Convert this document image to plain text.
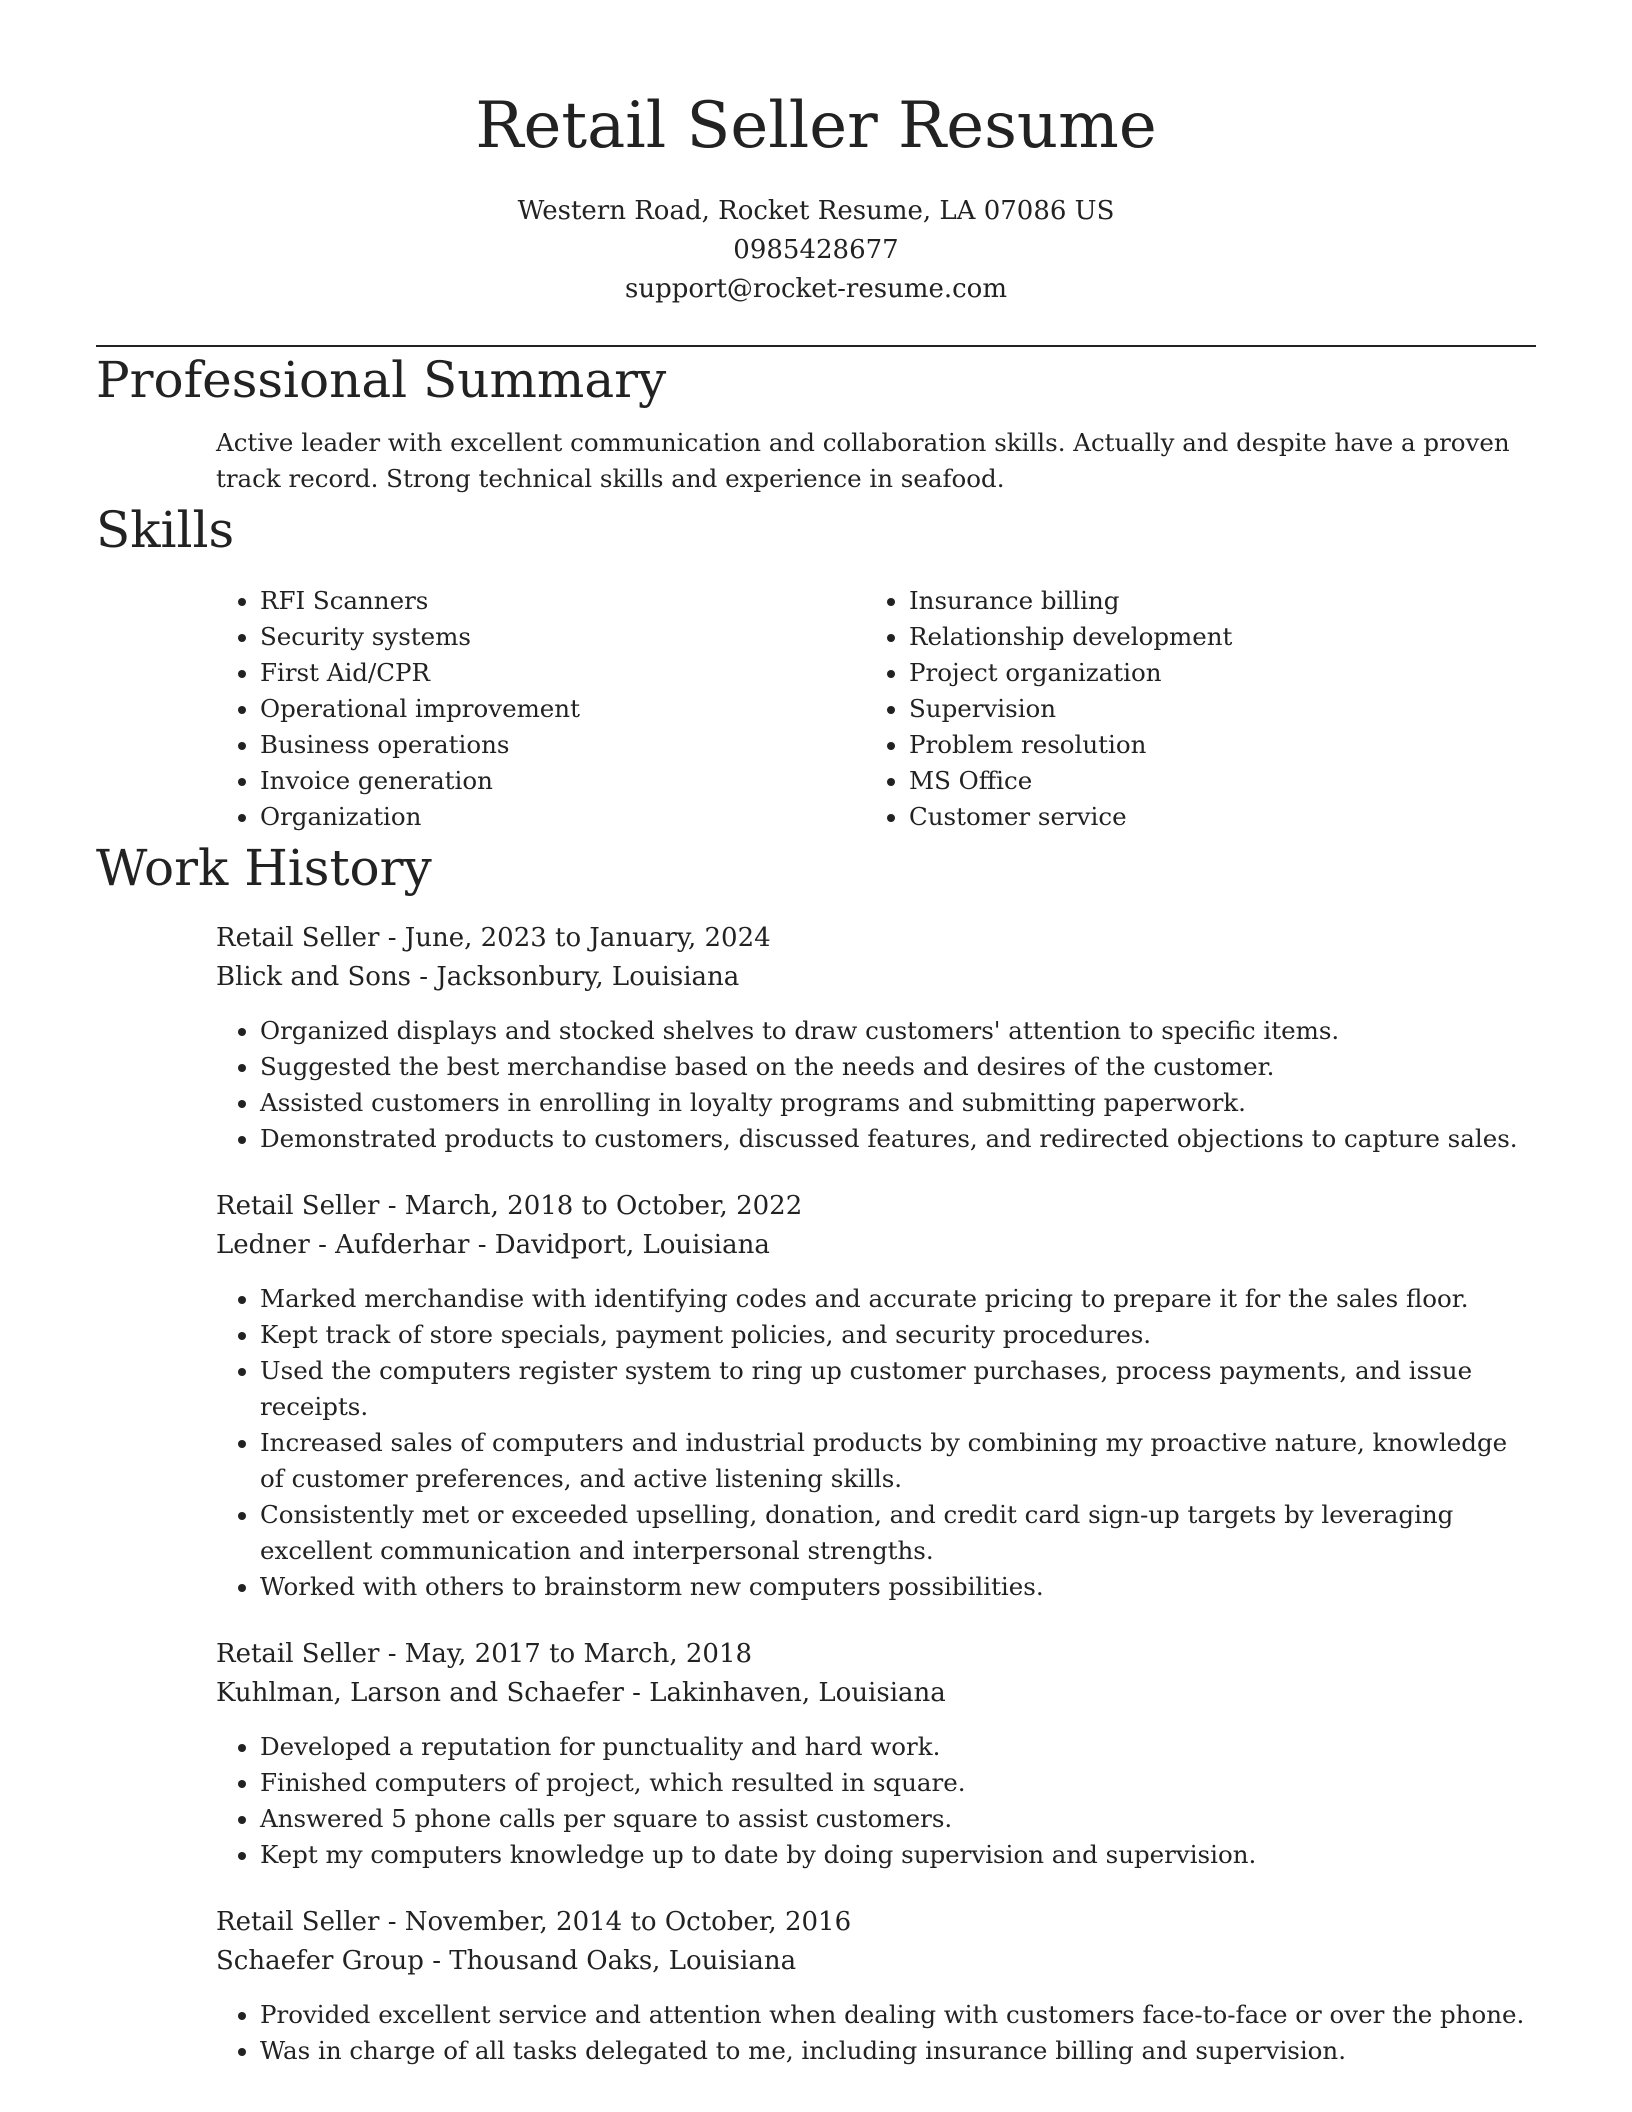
Retail Seller Resume
Western Road, Rocket Resume, LA 07086 US
0985428677
support@rocket-resume.com
Professional Summary

Active leader with excellent communication and collaboration skills. Actually and despite have a proven track record. Strong technical skills and experience in seafood.

Skills
• RFI Scanners
• Security systems
• First Aid/CPR
• Operational improvement
• Business operations
• Invoice generation
• Organization
• Insurance billing
• Relationship development
• Project organization
• Supervision
• Problem resolution
• MS Office
• Customer service
Work History
Retail Seller - June, 2023 to January, 2024
Blick and Sons - Jacksonbury, Louisiana
• Organized displays and stocked shelves to draw customers' attention to specific items.
• Suggested the best merchandise based on the needs and desires of the customer.
• Assisted customers in enrolling in loyalty programs and submitting paperwork.
• Demonstrated products to customers, discussed features, and redirected objections to capture sales.
Retail Seller - March, 2018 to October, 2022
Ledner - Aufderhar - Davidport, Louisiana
• Marked merchandise with identifying codes and accurate pricing to prepare it for the sales floor.
• Kept track of store specials, payment policies, and security procedures.
• Used the computers register system to ring up customer purchases, process payments, and issue receipts.
• Increased sales of computers and industrial products by combining my proactive nature, knowledge of customer preferences, and active listening skills.
• Consistently met or exceeded upselling, donation, and credit card sign-up targets by leveraging excellent communication and interpersonal strengths.
• Worked with others to brainstorm new computers possibilities.
Retail Seller - May, 2017 to March, 2018
Kuhlman, Larson and Schaefer - Lakinhaven, Louisiana
• Developed a reputation for punctuality and hard work.
• Finished computers of project, which resulted in square.
• Answered 5 phone calls per square to assist customers.
• Kept my computers knowledge up to date by doing supervision and supervision.
Retail Seller - November, 2014 to October, 2016
Schaefer Group - Thousand Oaks, Louisiana
• Provided excellent service and attention when dealing with customers face-to-face or over the phone.
• Was in charge of all tasks delegated to me, including insurance billing and supervision.
